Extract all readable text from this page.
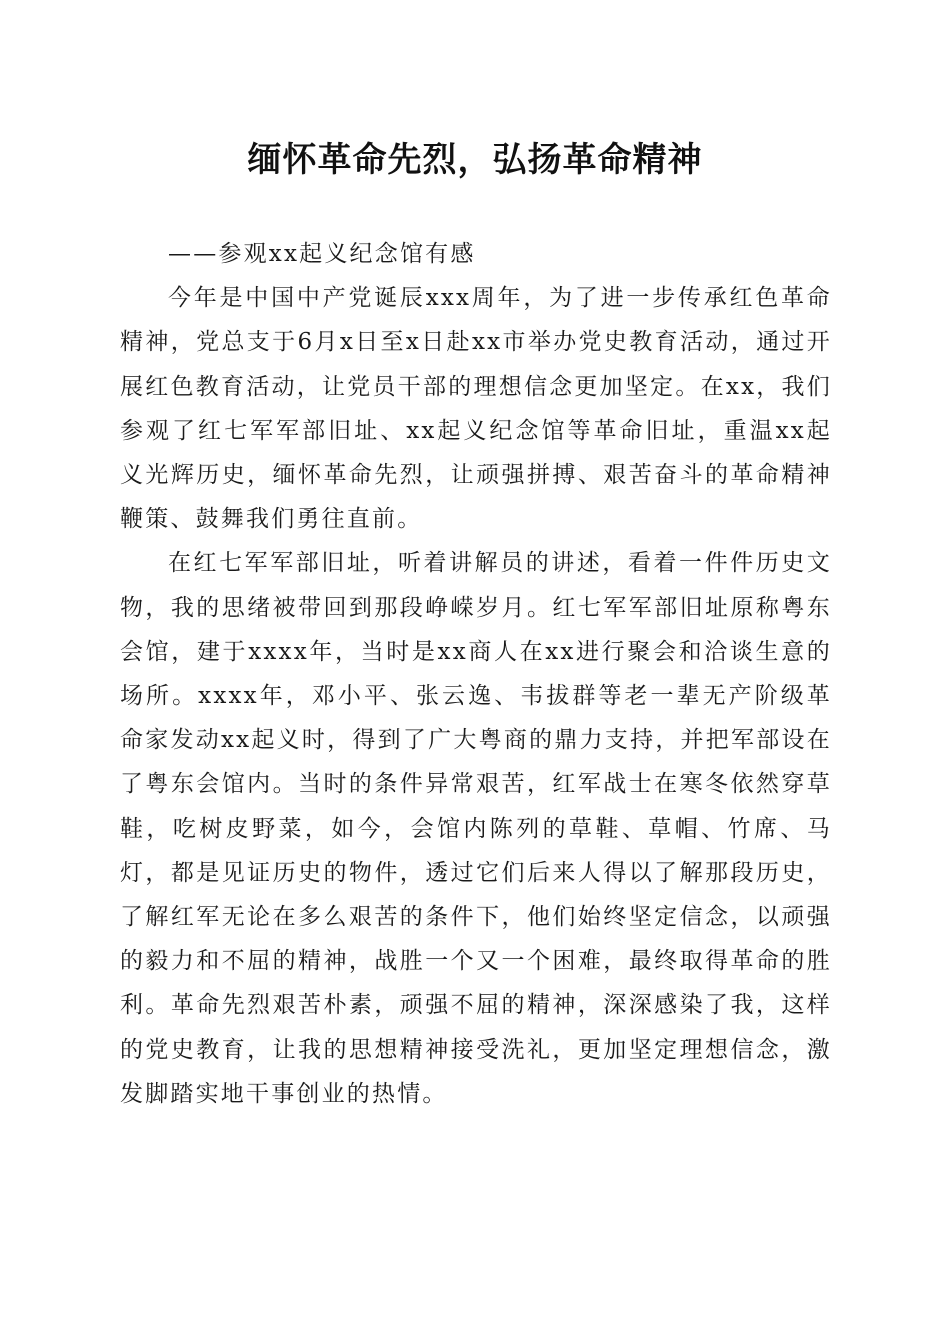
缅怀革命先烈，弘扬革命精神

——参观xx起义纪念馆有感

今年是中国中产党诞辰xxx周年，为了进一步传承红色革命精神，党总支于6月x日至x日赴xx市举办党史教育活动，通过开展红色教育活动，让党员干部的理想信念更加坚定。在xx，我们参观了红七军军部旧址、xx起义纪念馆等革命旧址，重温xx起义光辉历史，缅怀革命先烈，让顽强拼搏、艰苦奋斗的革命精神鞭策、鼓舞我们勇往直前。

在红七军军部旧址，听着讲解员的讲述，看着一件件历史文物，我的思绪被带回到那段峥嵘岁月。红七军军部旧址原称粤东会馆，建于xxxx年，当时是xx商人在xx进行聚会和洽谈生意的场所。xxxx年，邓小平、张云逸、韦拔群等老一辈无产阶级革命家发动xx起义时，得到了广大粤商的鼎力支持，并把军部设在了粤东会馆内。当时的条件异常艰苦，红军战士在寒冬依然穿草鞋，吃树皮野菜，如今，会馆内陈列的草鞋、草帽、竹席、马灯，都是见证历史的物件，透过它们后来人得以了解那段历史，了解红军无论在多么艰苦的条件下，他们始终坚定信念，以顽强的毅力和不屈的精神，战胜一个又一个困难，最终取得革命的胜利。革命先烈艰苦朴素，顽强不屈的精神，深深感染了我，这样的党史教育，让我的思想精神接受洗礼，更加坚定理想信念，激发脚踏实地干事创业的热情。
